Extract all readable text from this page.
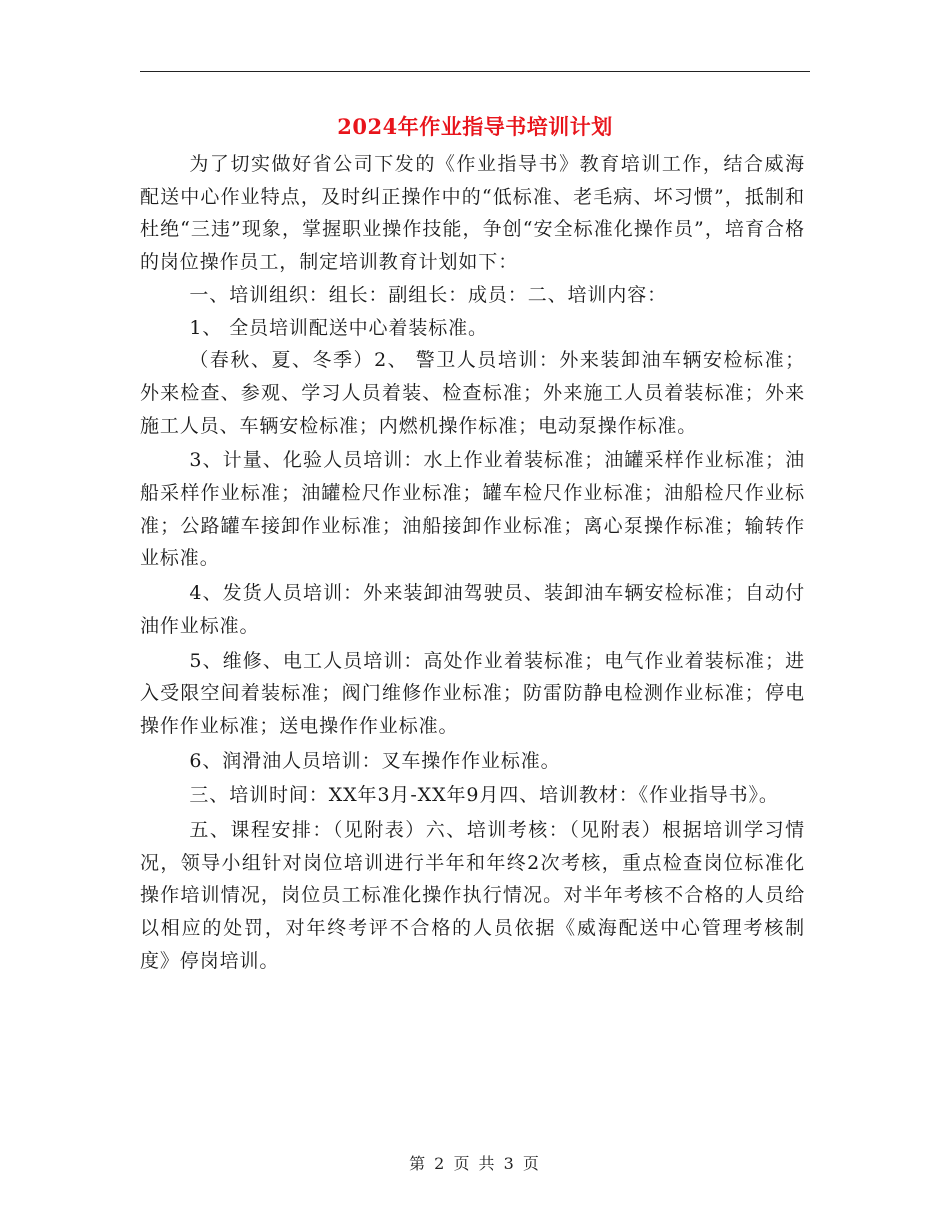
2024年作业指导书培训计划

为了切实做好省公司下发的《作业指导书》教育培训工作，结合威海配送中心作业特点，及时纠正操作中的“低标准、老毛病、坏习惯”，抵制和杜绝“三违”现象，掌握职业操作技能，争创“安全标准化操作员”，培育合格的岗位操作员工，制定培训教育计划如下：

一、培训组织：组长：副组长：成员：二、培训内容：

1、 全员培训配送中心着装标准。

（春秋、夏、冬季）2、 警卫人员培训：外来装卸油车辆安检标准；外来检查、参观、学习人员着装、检查标准；外来施工人员着装标准；外来施工人员、车辆安检标准；内燃机操作标准；电动泵操作标准。

3、计量、化验人员培训：水上作业着装标准；油罐采样作业标准；油船采样作业标准；油罐检尺作业标准；罐车检尺作业标准；油船检尺作业标准；公路罐车接卸作业标准；油船接卸作业标准；离心泵操作标准；输转作业标准。

4、发货人员培训：外来装卸油驾驶员、装卸油车辆安检标准；自动付油作业标准。

5、维修、电工人员培训：高处作业着装标准；电气作业着装标准；进入受限空间着装标准；阀门维修作业标准；防雷防静电检测作业标准；停电操作作业标准；送电操作作业标准。

6、润滑油人员培训：叉车操作作业标准。

三、培训时间：XX年3月-XX年9月四、培训教材：《作业指导书》。

五、课程安排：（见附表）六、培训考核：（见附表）根据培训学习情况，领导小组针对岗位培训进行半年和年终2次考核，重点检查岗位标准化操作培训情况，岗位员工标准化操作执行情况。对半年考核不合格的人员给以相应的处罚，对年终考评不合格的人员依据《威海配送中心管理考核制度》停岗培训。

第 2 页 共 3 页
